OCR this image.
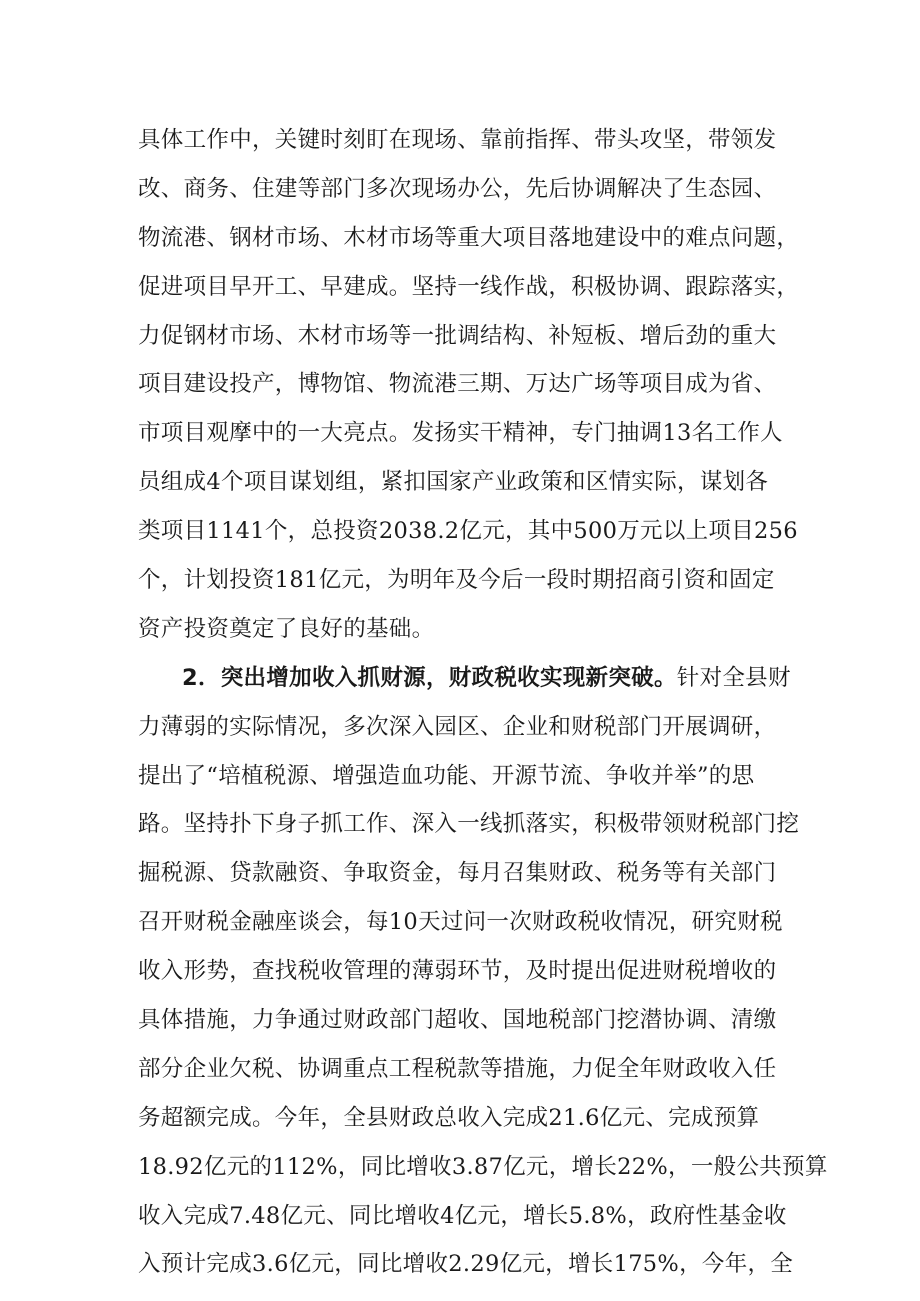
具体工作中，关键时刻盯在现场、靠前指挥、带头攻坚，带领发
改、商务、住建等部门多次现场办公，先后协调解决了生态园、
物流港、钢材市场、木材市场等重大项目落地建设中的难点问题，
促进项目早开工、早建成。坚持一线作战，积极协调、跟踪落实，
力促钢材市场、木材市场等一批调结构、补短板、增后劲的重大
项目建设投产，博物馆、物流港三期、万达广场等项目成为省、
市项目观摩中的一大亮点。发扬实干精神，专门抽调13名工作人
员组成4个项目谋划组，紧扣国家产业政策和区情实际，谋划各
类项目1141个，总投资2038.2亿元，其中500万元以上项目256
个，计划投资181亿元，为明年及今后一段时期招商引资和固定
资产投资奠定了良好的基础。
2．突出增加收入抓财源，财政税收实现新突破。针对全县财
力薄弱的实际情况，多次深入园区、企业和财税部门开展调研，
提出了“培植税源、增强造血功能、开源节流、争收并举”的思
路。坚持扑下身子抓工作、深入一线抓落实，积极带领财税部门挖
掘税源、贷款融资、争取资金，每月召集财政、税务等有关部门
召开财税金融座谈会，每10天过问一次财政税收情况，研究财税
收入形势，查找税收管理的薄弱环节，及时提出促进财税增收的
具体措施，力争通过财政部门超收、国地税部门挖潜协调、清缴
部分企业欠税、协调重点工程税款等措施，力促全年财政收入任
务超额完成。今年，全县财政总收入完成21.6亿元、完成预算
18.92亿元的112%，同比增收3.87亿元，增长22%，一般公共预算
收入完成7.48亿元、同比增收4亿元，增长5.8%，政府性基金收
入预计完成3.6亿元，同比增收2.29亿元，增长175%，今年，全
